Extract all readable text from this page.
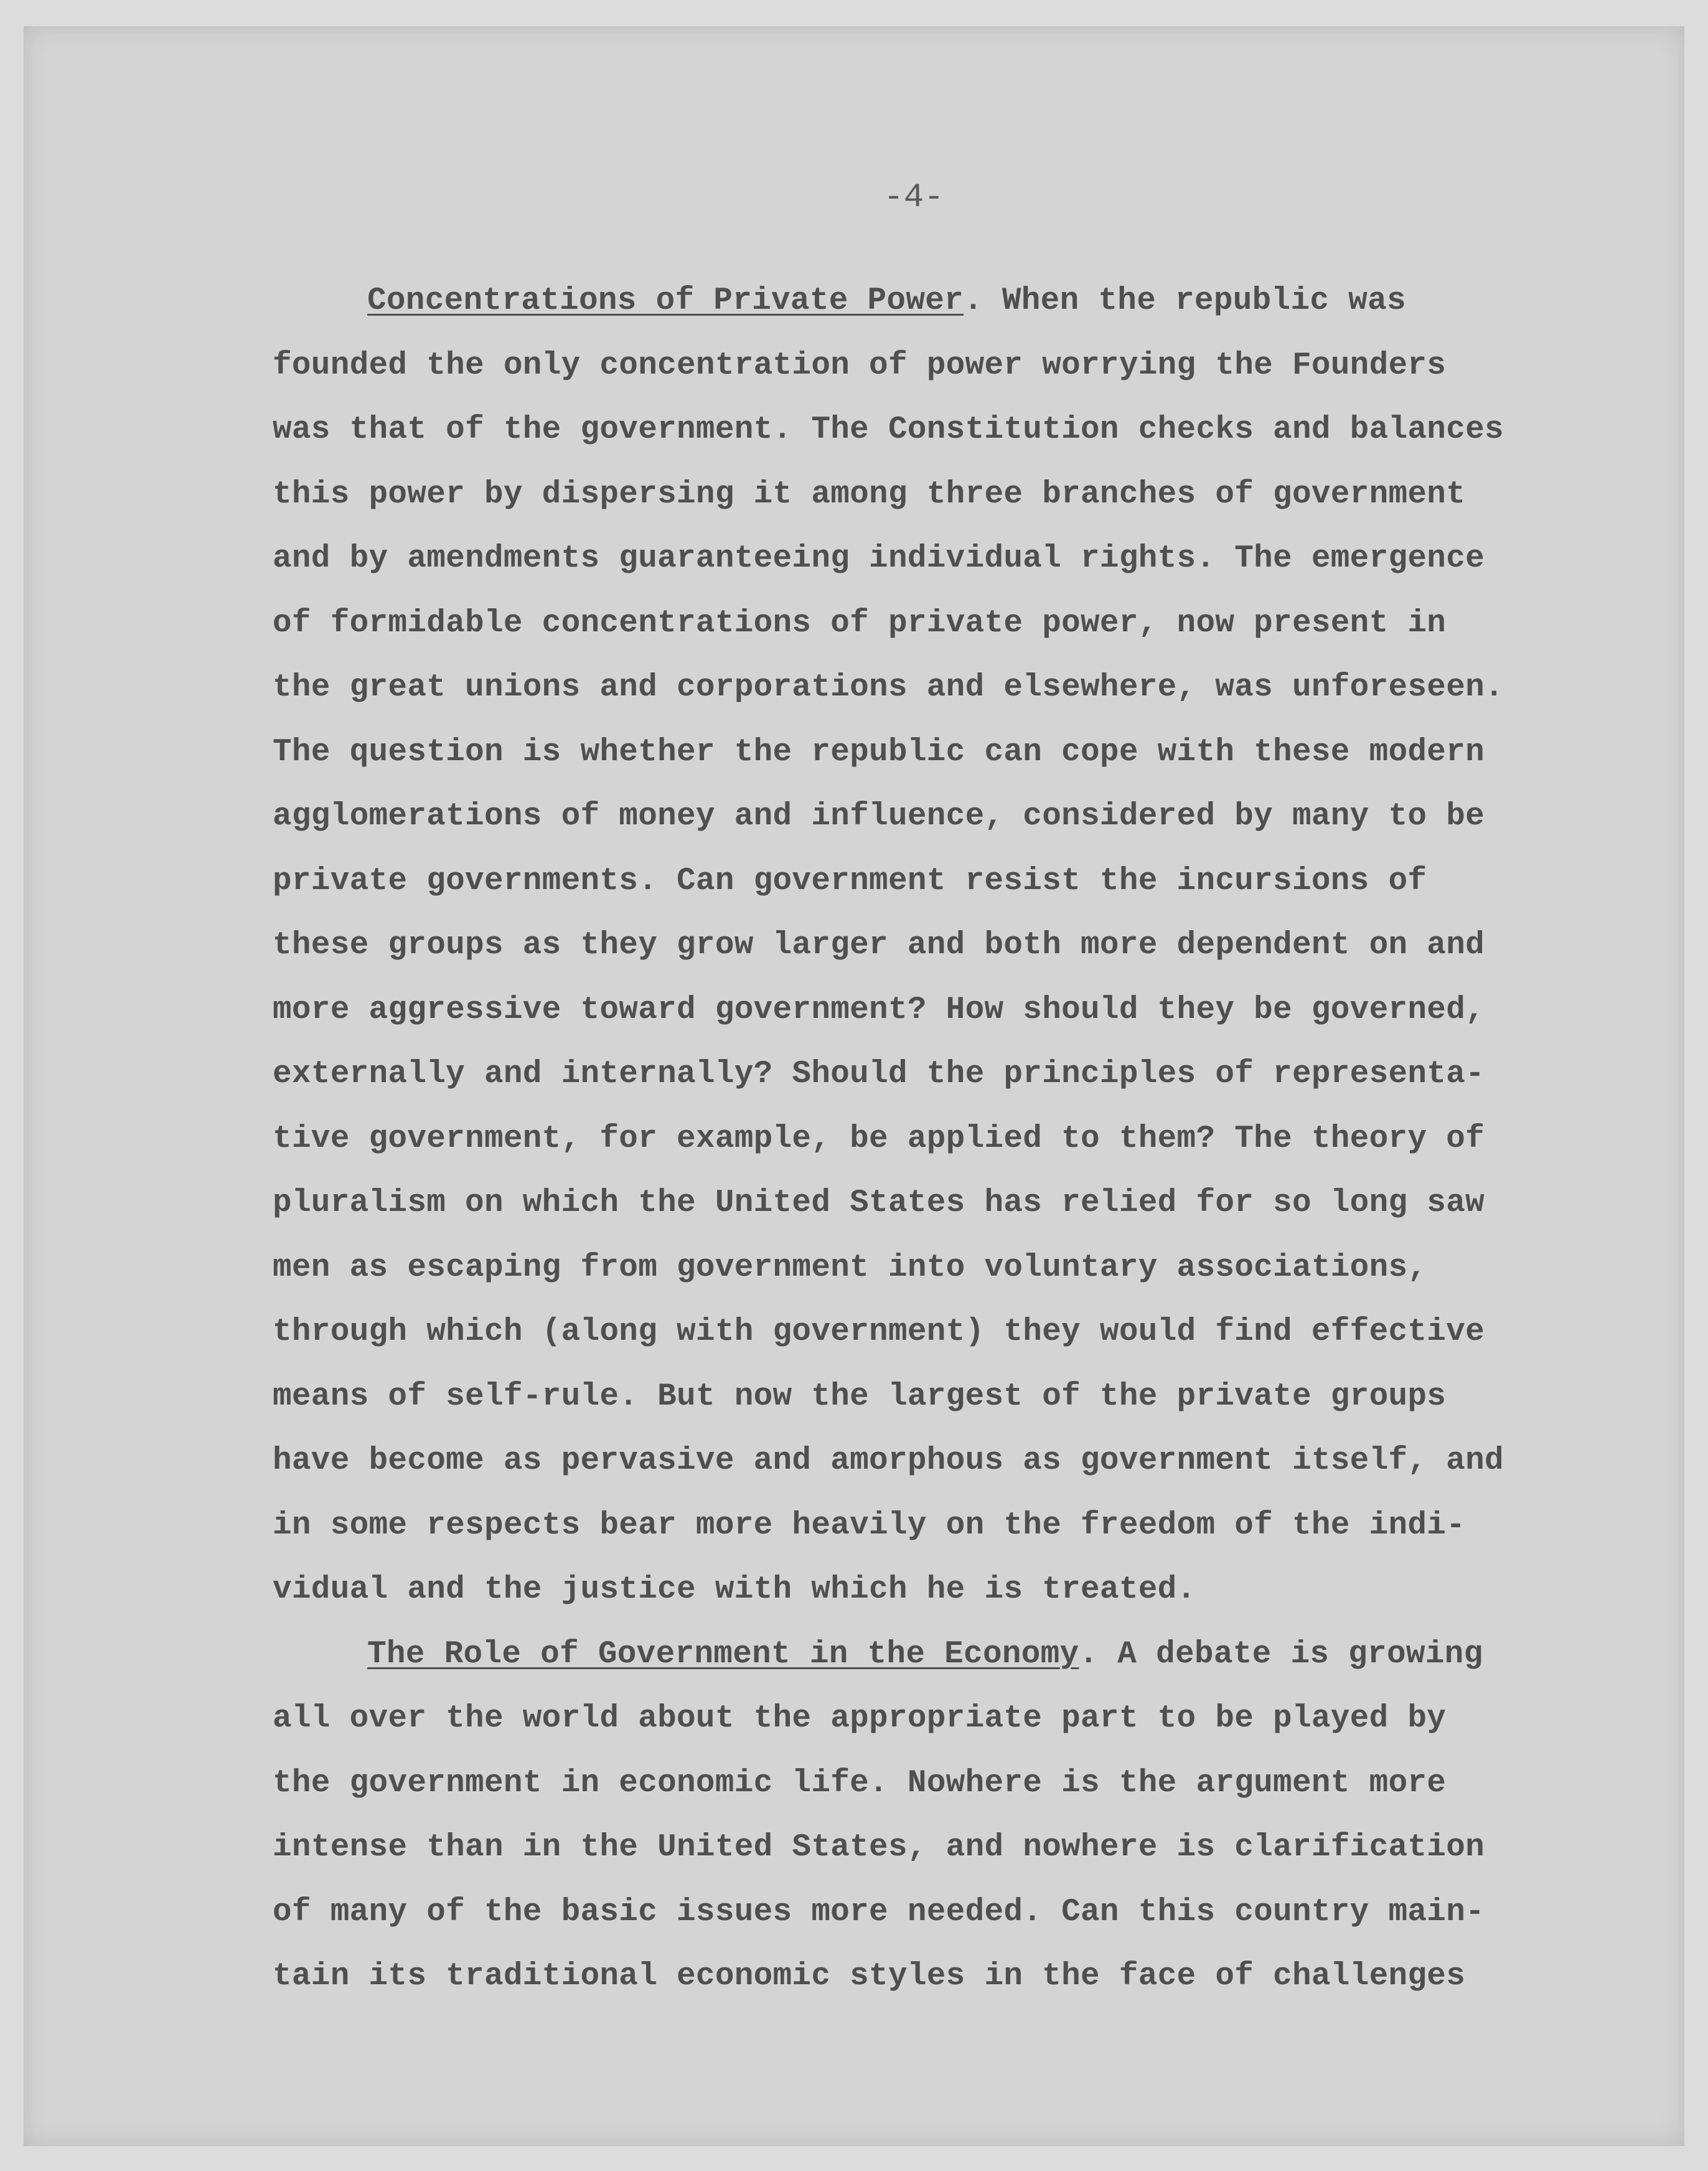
-4-
Concentrations of Private Power. When the republic was
founded the only concentration of power worrying the Founders
was that of the government. The Constitution checks and balances
this power by dispersing it among three branches of government
and by amendments guaranteeing individual rights. The emergence
of formidable concentrations of private power, now present in
the great unions and corporations and elsewhere, was unforeseen.
The question is whether the republic can cope with these modern
agglomerations of money and influence, considered by many to be
private governments. Can government resist the incursions of
these groups as they grow larger and both more dependent on and
more aggressive toward government? How should they be governed,
externally and internally? Should the principles of representa-
tive government, for example, be applied to them? The theory of
pluralism on which the United States has relied for so long saw
men as escaping from government into voluntary associations,
through which (along with government) they would find effective
means of self-rule. But now the largest of the private groups
have become as pervasive and amorphous as government itself, and
in some respects bear more heavily on the freedom of the indi-
vidual and the justice with which he is treated.
The Role of Government in the Economy. A debate is growing
all over the world about the appropriate part to be played by
the government in economic life. Nowhere is the argument more
intense than in the United States, and nowhere is clarification
of many of the basic issues more needed. Can this country main-
tain its traditional economic styles in the face of challenges
